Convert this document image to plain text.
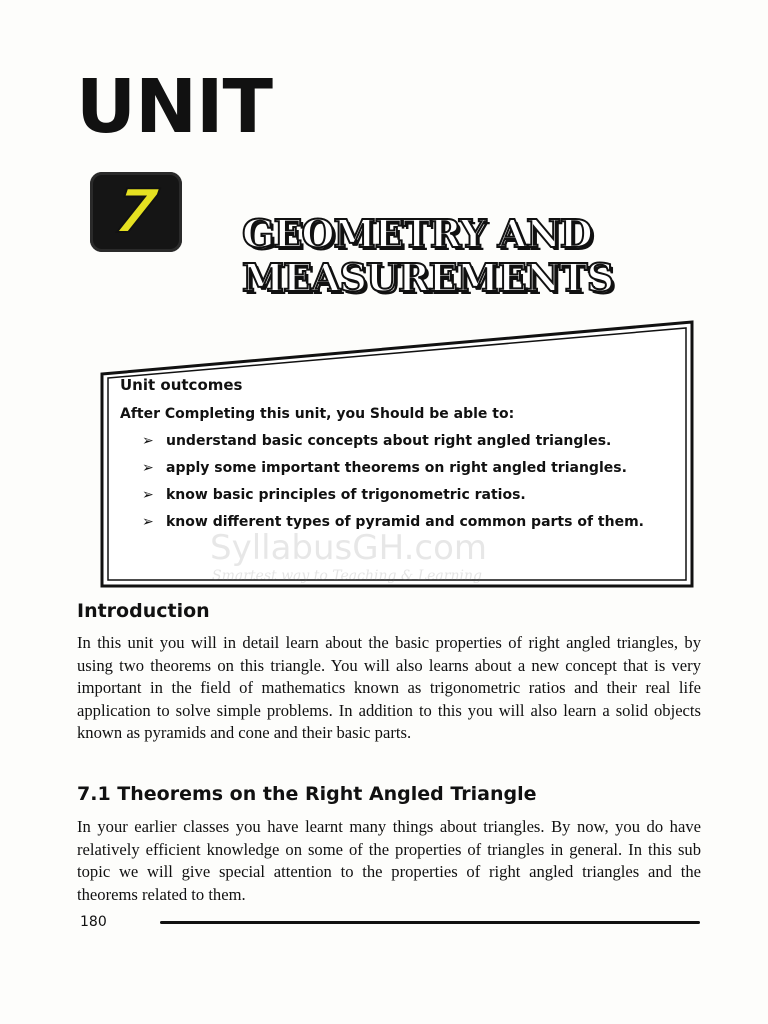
UNIT
7 GEOMETRY AND
MEASUREMENTS
SyllabusGH.com
Smartest way to Teaching & Learning
Unit outcomes
After Completing this unit, you Should be able to:
➢ understand basic concepts about right angled triangles.
➢ apply some important theorems on right angled triangles.
➢ know basic principles of trigonometric ratios.
➢ know different types of pyramid and common parts of them.
Introduction
In this unit you will in detail learn about the basic properties of right angled triangles, by using two theorems on this triangle. You will also learns about a new concept that is very important in the field of mathematics known as trigonometric ratios and their real life application to solve simple problems. In addition to this you will also learn a solid objects known as pyramids and cone and their basic parts.
7.1 Theorems on the Right Angled Triangle
In your earlier classes you have learnt many things about triangles. By now, you do have relatively efficient knowledge on some of the properties of triangles in general. In this sub topic we will give special attention to the properties of right angled triangles and the theorems related to them.
180
